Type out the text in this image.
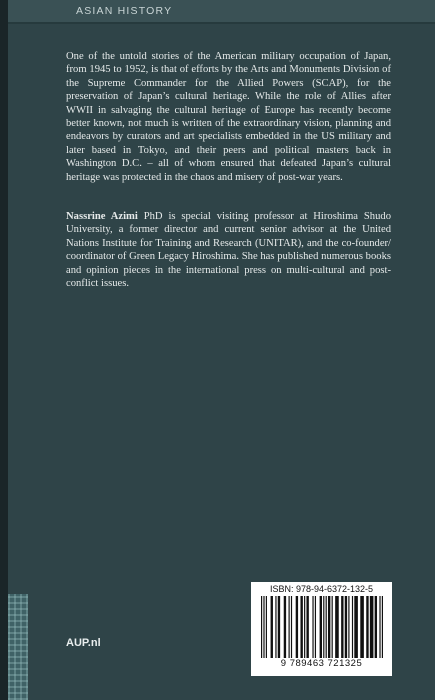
ASIAN HISTORY

One of the untold stories of the American military occupation of Japan, from 1945 to 1952, is that of efforts by the Arts and Monuments Division of the Supreme Commander for the Allied Powers (SCAP), for the preservation of Japan’s cultural heritage. While the role of Allies after WWII in salvaging the cultural heritage of Europe has recently become better known, not much is written of the extraordinary vision, planning and endeavors by curators and art specialists embedded in the US military and later based in Tokyo, and their peers and political masters back in Washington D.C. – all of whom ensured that defeated Japan’s cultural heritage was protected in the chaos and misery of post-war years.

Nassrine Azimi PhD is special visiting professor at Hiroshima Shudo University, a former director and current senior advisor at the United Nations Institute for Training and Research (UNITAR), and the co-founder/ coordinator of Green Legacy Hiroshima. She has published numerous books and opinion pieces in the international press on multi-cultural and post-conflict issues.

AUP.nl
ISBN: 978-94-6372-132-5
9 789463 721325
